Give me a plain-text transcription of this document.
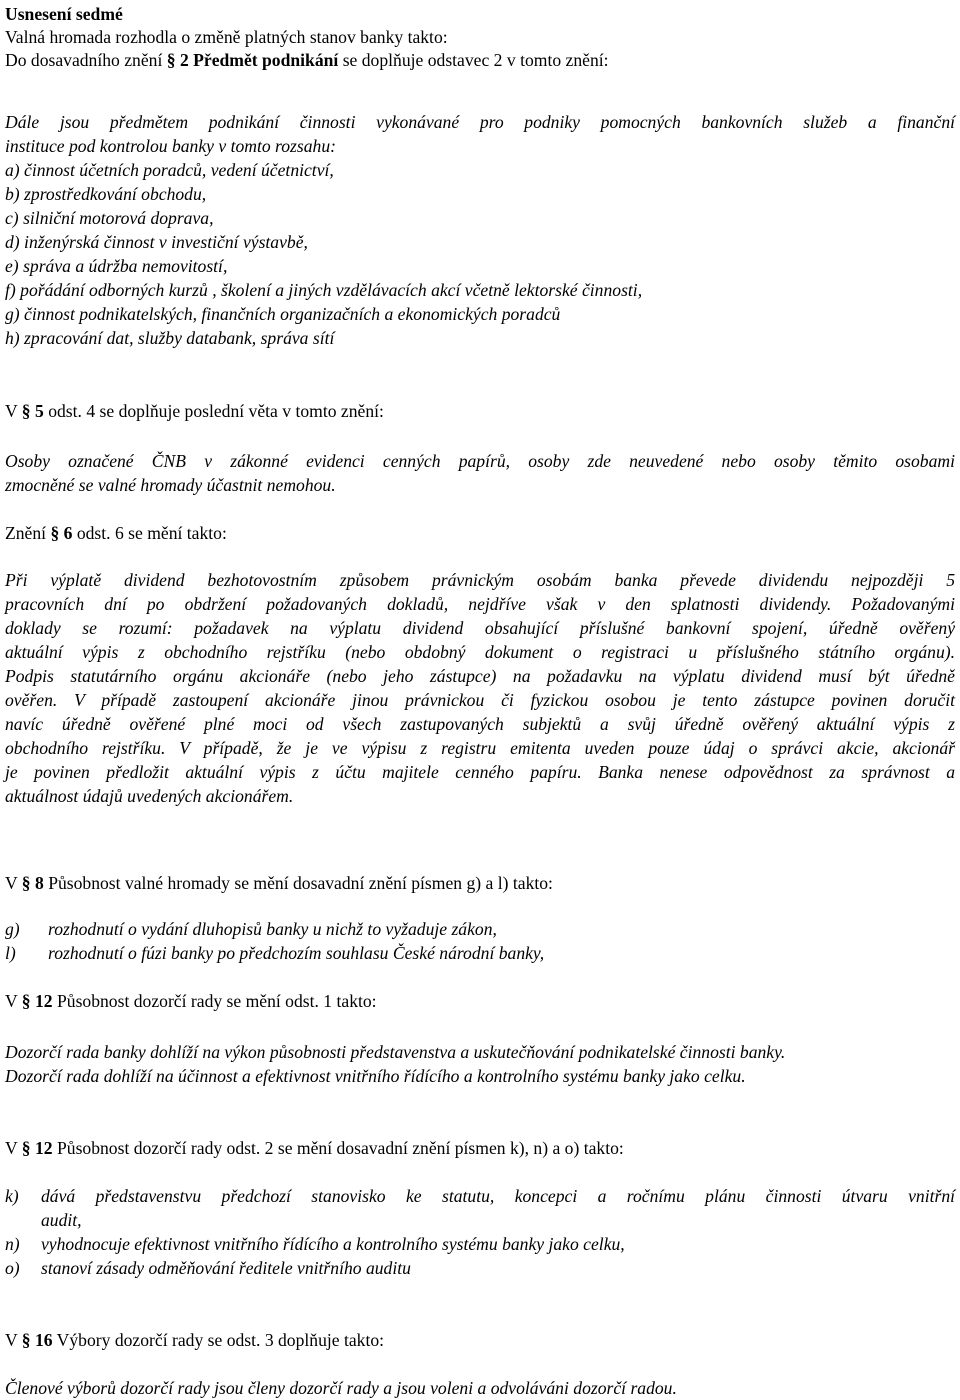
Usnesení sedmé
Valná hromada rozhodla o změně platných stanov banky takto:
Do dosavadního znění § 2 Předmět podnikání se doplňuje odstavec 2 v tomto znění:
Dále jsou předmětem podnikání činnosti vykonávané pro podniky pomocných bankovních služeb a finanční
instituce pod kontrolou banky v tomto rozsahu:
a) činnost účetních poradců, vedení účetnictví,
b) zprostředkování obchodu,
c) silniční motorová doprava,
d) inženýrská činnost v investiční výstavbě,
e) správa a údržba nemovitostí,
f) pořádání odborných kurzů , školení a jiných vzdělávacích akcí včetně lektorské činnosti,
g) činnost podnikatelských, finančních organizačních a ekonomických poradců
h) zpracování dat, služby databank, správa sítí
V § 5 odst. 4 se doplňuje poslední věta v tomto znění:
Osoby označené ČNB v zákonné evidenci cenných papírů, osoby zde neuvedené nebo osoby těmito osobami
zmocněné se valné hromady účastnit nemohou.
Znění § 6 odst. 6 se mění takto:
Při výplatě dividend bezhotovostním způsobem právnickým osobám banka převede dividendu nejpozději 5
pracovních dní po obdržení požadovaných dokladů, nejdříve však v den splatnosti dividendy. Požadovanými
doklady se rozumí: požadavek na výplatu dividend obsahující příslušné bankovní spojení, úředně ověřený
aktuální výpis z obchodního rejstříku (nebo obdobný dokument o registraci u příslušného státního orgánu).
Podpis statutárního orgánu akcionáře (nebo jeho zástupce) na požadavku na výplatu dividend musí být úředně
ověřen. V případě zastoupení akcionáře jinou právnickou či fyzickou osobou je tento zástupce povinen doručit
navíc úředně ověřené plné moci od všech zastupovaných subjektů a svůj úředně ověřený aktuální výpis z
obchodního rejstříku. V případě, že je ve výpisu z registru emitenta uveden pouze údaj o správci akcie, akcionář
je povinen předložit aktuální výpis z účtu majitele cenného papíru. Banka nenese odpovědnost za správnost a
aktuálnost údajů uvedených akcionářem.
V § 8 Působnost valné hromady se mění dosavadní znění písmen g) a l) takto:
g) rozhodnutí o vydání dluhopisů banky u nichž to vyžaduje zákon,
l) rozhodnutí o fúzi banky po předchozím souhlasu České národní banky,
V § 12 Působnost dozorčí rady se mění odst. 1 takto:
Dozorčí rada banky dohlíží na výkon působnosti představenstva a uskutečňování podnikatelské činnosti banky.
Dozorčí rada dohlíží na účinnost a efektivnost vnitřního řídícího a kontrolního systému banky jako celku.
V § 12 Působnost dozorčí rady odst. 2 se mění dosavadní znění písmen k), n) a o) takto:
k) dává představenstvu předchozí stanovisko ke statutu, koncepci a ročnímu plánu činnosti útvaru vnitřní
audit,
n) vyhodnocuje efektivnost vnitřního řídícího a kontrolního systému banky jako celku,
o) stanoví zásady odměňování ředitele vnitřního auditu
V § 16 Výbory dozorčí rady se odst. 3 doplňuje takto:
Členové výborů dozorčí rady jsou členy dozorčí rady a jsou voleni a odvoláváni dozorčí radou.
